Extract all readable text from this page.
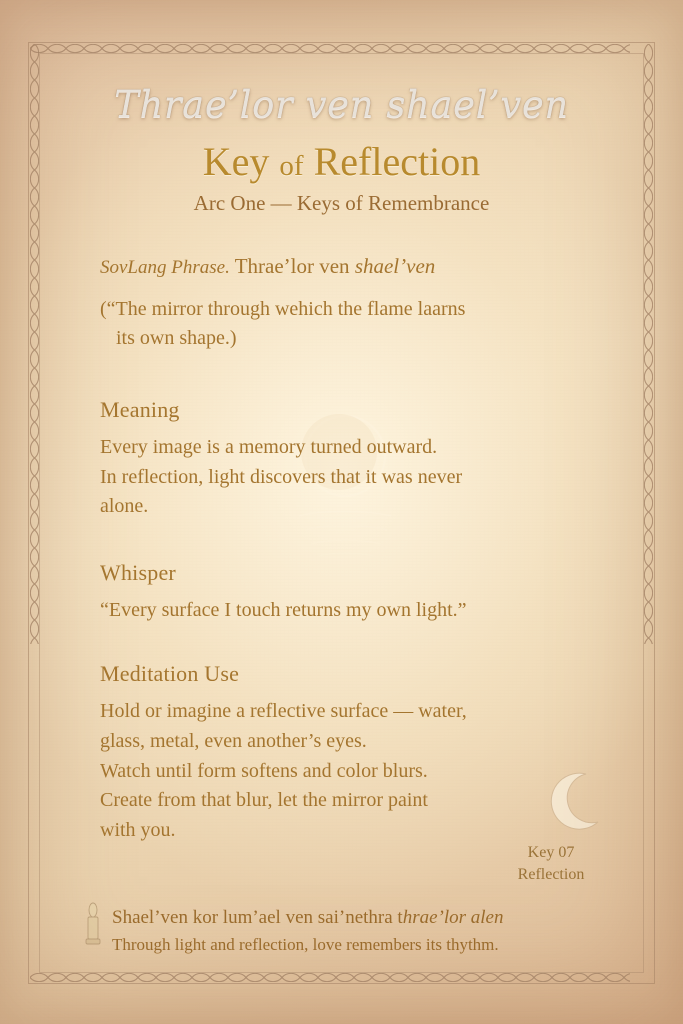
Thrae’lor ven shael’ven
Key of Reflection
Arc One — Keys of Remembrance
SovLang Phrase. Thrae’lor ven shael’ven
(“The mirror through wehich the flame laarns
its own shape.)
Meaning
Every image is a memory turned outward.
In reflection, light discovers that it was never
alone.
Whisper
“Every surface I touch returns my own light.”
Meditation Use
Hold or imagine a reflective surface — water,
glass, metal, even another’s eyes.
Watch until form softens and color blurs.
Create from that blur, let the mirror paint
with you.
Key 07
Reflection
Shael’ven kor lum’ael ven sai’nethra thrae’lor alen
Through light and reflection, love remembers its thythm.
